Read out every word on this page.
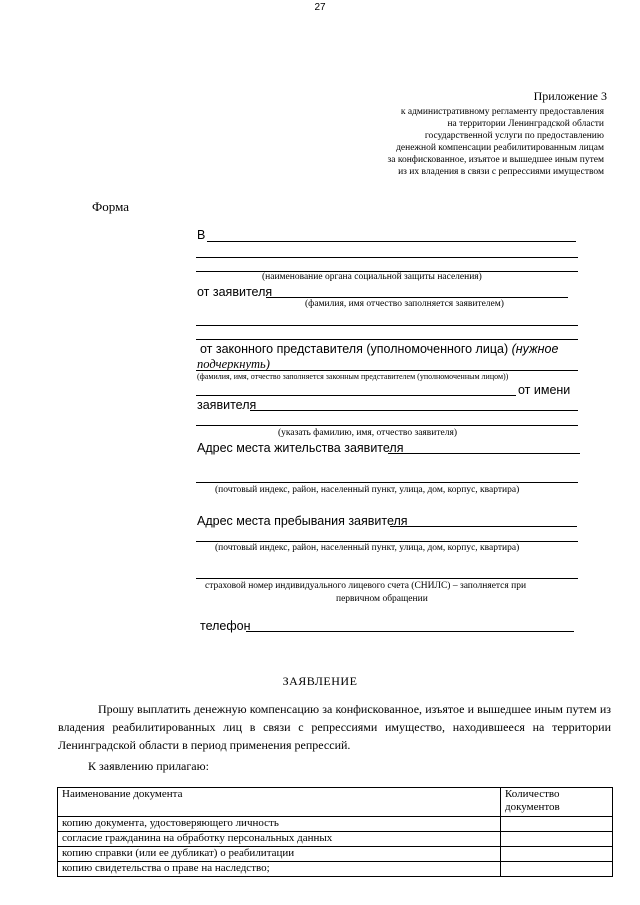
27
Приложение 3
к административному регламенту предоставления
на территории Ленинградской области
государственной услуги по предоставлению
денежной компенсации реабилитированным лицам
за конфискованное, изъятое и вышедшее иным путем
из их владения в связи с репрессиями имуществом
Форма
В
(наименование органа социальной защиты населения)
от заявителя
(фамилия, имя отчество заполняется заявителем)
от законного представителя (уполномоченного лица) (нужное
подчеркнуть)
(фамилия, имя, отчество заполняется законным представителем (уполномоченным лицом))
от имени
заявителя
(указать фамилию, имя, отчество заявителя)
Адрес места жительства заявителя
(почтовый индекс, район, населенный пункт, улица, дом, корпус, квартира)
Адрес места пребывания заявителя
(почтовый индекс, район, населенный пункт, улица, дом, корпус, квартира)
страховой номер индивидуального лицевого счета (СНИЛС) – заполняется при
первичном обращении
телефон
ЗАЯВЛЕНИЕ
Прошу выплатить денежную компенсацию за конфискованное, изъятое и вышедшее иным путем из владения реабилитированных лиц в связи с репрессиями имущество, находившееся на территории Ленинградской области в период применения репрессий.
К заявлению прилагаю:
Наименование документа	Количество документов
копию документа, удостоверяющего личность	
согласие гражданина на обработку персональных данных	
копию справки (или ее дубликат) о реабилитации	
копию свидетельства о праве на наследство;	
